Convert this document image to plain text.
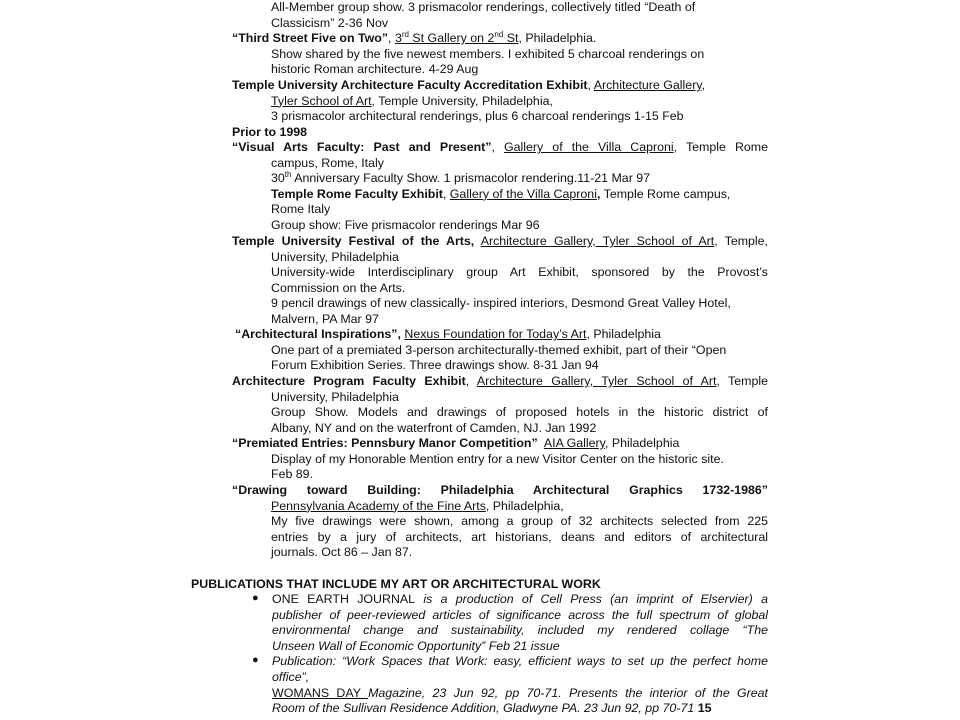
All-Member group show. 3 prismacolor renderings, collectively titled “Death of
Classicism” 2-36 Nov
“Third Street Five on Two”, 3rd St Gallery on 2nd St, Philadelphia.
Show shared by the five newest members. I exhibited 5 charcoal renderings on
historic Roman architecture. 4-29 Aug
Temple University Architecture Faculty Accreditation Exhibit, Architecture Gallery,
Tyler School of Art, Temple University, Philadelphia,
3 prismacolor architectural renderings, plus 6 charcoal renderings 1-15 Feb
Prior to 1998
“Visual Arts Faculty: Past and Present”, Gallery of the Villa Caproni, Temple Rome
campus, Rome, Italy
30th Anniversary Faculty Show. 1 prismacolor rendering.11-21 Mar 97
Temple Rome Faculty Exhibit, Gallery of the Villa Caproni, Temple Rome campus,
Rome Italy
Group show: Five prismacolor renderings Mar 96
Temple University Festival of the Arts, Architecture Gallery, Tyler School of Art, Temple,
University, Philadelphia
University-wide Interdisciplinary group Art Exhibit, sponsored by the Provost’s
Commission on the Arts.
9 pencil drawings of new classically- inspired interiors, Desmond Great Valley Hotel,
Malvern, PA Mar 97
“Architectural Inspirations”, Nexus Foundation for Today’s Art, Philadelphia
One part of a premiated 3-person architecturally-themed exhibit, part of their “Open
Forum Exhibition Series. Three drawings show. 8-31 Jan 94
Architecture Program Faculty Exhibit, Architecture Gallery, Tyler School of Art, Temple
University, Philadelphia
Group Show. Models and drawings of proposed hotels in the historic district of
Albany, NY and on the waterfront of Camden, NJ. Jan 1992
“Premiated Entries: Pennsbury Manor Competition” AIA Gallery, Philadelphia
Display of my Honorable Mention entry for a new Visitor Center on the historic site.
Feb 89.
“Drawing toward Building: Philadelphia Architectural Graphics 1732-1986”
Pennsylvania Academy of the Fine Arts, Philadelphia,
My five drawings were shown, among a group of 32 architects selected from 225
entries by a jury of architects, art historians, deans and editors of architectural
journals. Oct 86 – Jan 87.
PUBLICATIONS THAT INCLUDE MY ART OR ARCHITECTURAL WORK
● ONE EARTH JOURNAL is a production of Cell Press (an imprint of Elservier) a
publisher of peer-reviewed articles of significance across the full spectrum of global
environmental change and sustainability, included my rendered collage “The
Unseen Wall of Economic Opportunity” Feb 21 issue
● Publication: “Work Spaces that Work: easy, efficient ways to set up the perfect home
office”,
WOMANS DAY Magazine, 23 Jun 92, pp 70-71. Presents the interior of the Great
Room of the Sullivan Residence Addition, Gladwyne PA. 23 Jun 92, pp 70-71 15
